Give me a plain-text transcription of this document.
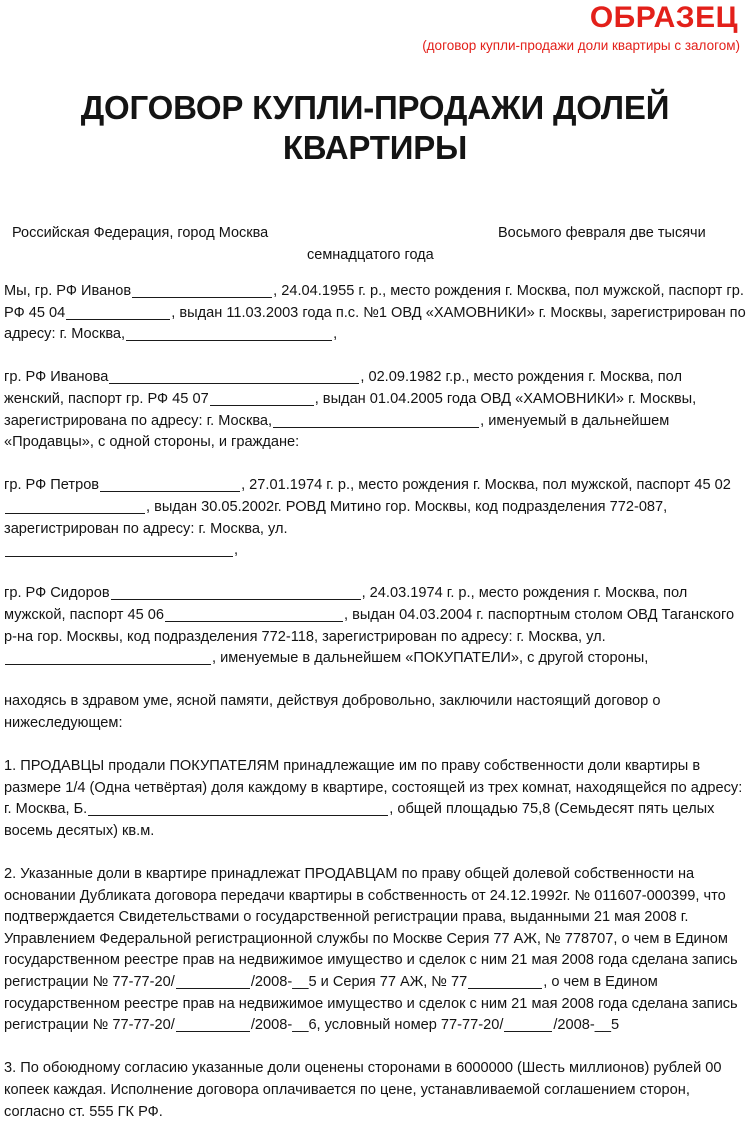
ОБРАЗЕЦ
(договор купли-продажи доли квартиры с залогом)
ДОГОВОР КУПЛИ-ПРОДАЖИ ДОЛЕЙ
КВАРТИРЫ
Российская Федерация, город Москва	Восьмого февраля две тысячи
семнадцатого года

Мы, гр. РФ Иванов	, 24.04.1955 г. р., место рождения г. Москва, пол мужской, паспорт гр. РФ 45 04	, выдан 11.03.2003 года п.с. №1 ОВД «ХАМОВНИКИ» г. Москвы, зарегистрирован по адресу: г. Москва,	,

гр. РФ Иванова	, 02.09.1982 г.р., место рождения г. Москва, пол женский, паспорт гр. РФ 45 07	, выдан 01.04.2005 года ОВД «ХАМОВНИКИ» г. Москвы, зарегистрирована по адресу: г. Москва,	, именуемый в дальнейшем «Продавцы», с одной стороны, и граждане:

гр. РФ Петров	, 27.01.1974 г. р., место рождения г. Москва, пол мужской, паспорт 45 02, выдан 30.05.2002г. РОВД Митино гор. Москвы, код подразделения 772-087, зарегистрирован по адресу: г. Москва, ул.
,

гр. РФ Сидоров	, 24.03.1974 г. р., место рождения г. Москва, пол мужской, паспорт 45 06	, выдан 04.03.2004 г. паспортным столом ОВД Таганского р-на гор. Москвы, код подразделения 772-118, зарегистрирован по адресу: г. Москва, ул., именуемые в дальнейшем «ПОКУПАТЕЛИ», с другой стороны,

находясь в здравом уме, ясной памяти, действуя добровольно, заключили настоящий договор о нижеследующем:

1. ПРОДАВЦЫ продали ПОКУПАТЕЛЯМ принадлежащие им по праву собственности доли квартиры в размере 1/4 (Одна четвёртая) доля каждому в квартире, состоящей из трех комнат, находящейся по адресу: г. Москва, Б.	, общей площадью 75,8 (Семьдесят пять целых восемь десятых) кв.м.

2. Указанные доли в квартире принадлежат ПРОДАВЦАМ по праву общей долевой собственности на основании Дубликата договора передачи квартиры в собственность от 24.12.1992г. № 011607-000399, что подтверждается Свидетельствами о государственной регистрации права, выданными 21 мая 2008 г. Управлением Федеральной регистрационной службы по Москве Серия 77 АЖ, № 778707, о чем в Едином государственном реестре прав на недвижимое имущество и сделок с ним 21 мая 2008 года сделана запись регистрации № 77-77-20/	/2008-__5 и Серия 77 АЖ, № 77	, о чем в Едином государственном реестре прав на недвижимое имущество и сделок с ним 21 мая 2008 года сделана запись регистрации № 77-77-20/	/2008-__6, условный номер 77-77-20/	/2008-__5

3. По обоюдному согласию указанные доли оценены сторонами в 6000000 (Шесть миллионов) рублей 00 копеек каждая. Исполнение договора оплачивается по цене, устанавливаемой соглашением сторон, согласно ст. 555 ГК РФ.
